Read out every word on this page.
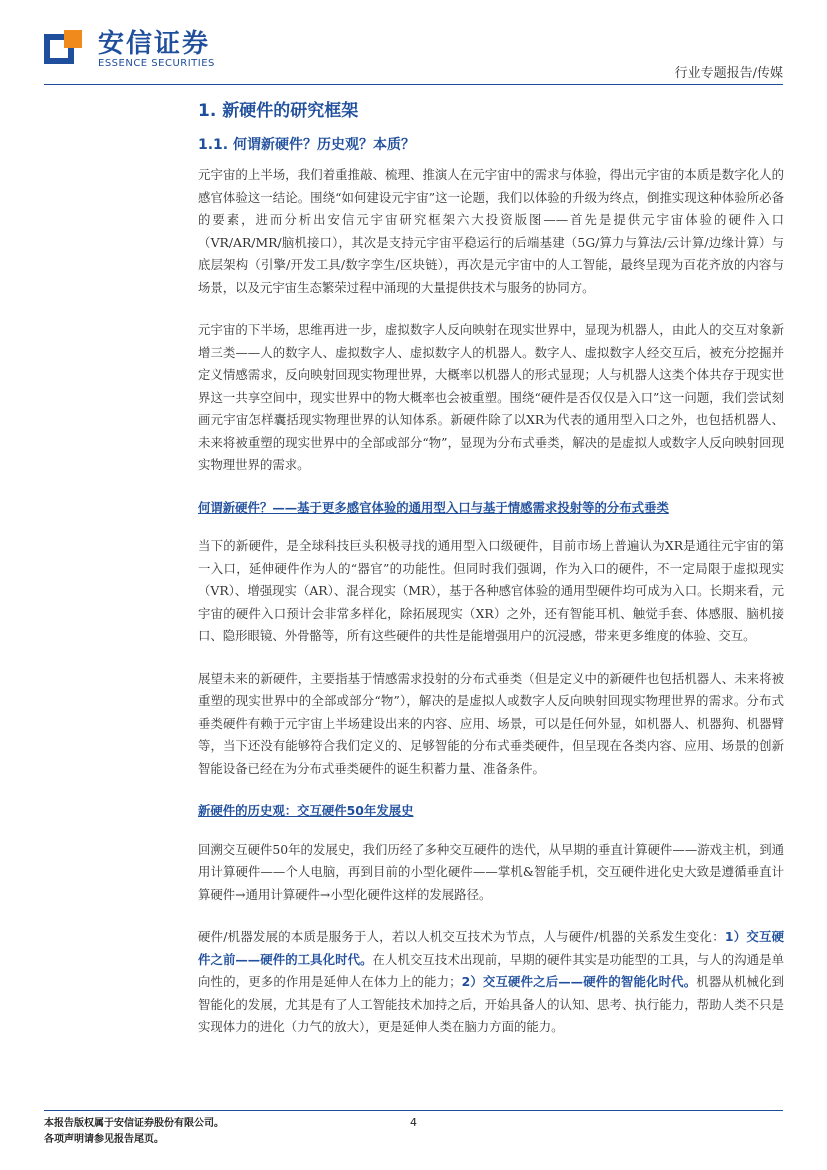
安信证券
ESSENCE SECURITIES
行业专题报告/传媒
1. 新硬件的研究框架
1.1. 何谓新硬件？历史观？本质？

元宇宙的上半场，我们着重推敲、梳理、推演人在元宇宙中的需求与体验，得出元宇宙的本质是数字化人的感官体验这一结论。围绕“如何建设元宇宙”这一论题，我们以体验的升级为终点，倒推实现这种体验所必备的要素，进而分析出安信元宇宙研究框架六大投资版图——首先是提供元宇宙体验的硬件入口（VR/AR/MR/脑机接口），其次是支持元宇宙平稳运行的后端基建（5G/算力与算法/云计算/边缘计算）与底层架构（引擎/开发工具/数字孪生/区块链），再次是元宇宙中的人工智能，最终呈现为百花齐放的内容与场景，以及元宇宙生态繁荣过程中涌现的大量提供技术与服务的协同方。

元宇宙的下半场，思维再进一步，虚拟数字人反向映射在现实世界中，显现为机器人，由此人的交互对象新增三类——人的数字人、虚拟数字人、虚拟数字人的机器人。数字人、虚拟数字人经交互后，被充分挖掘并定义情感需求，反向映射回现实物理世界，大概率以机器人的形式显现；人与机器人这类个体共存于现实世界这一共享空间中，现实世界中的物大概率也会被重塑。围绕“硬件是否仅仅是入口”这一问题，我们尝试刻画元宇宙怎样囊括现实物理世界的认知体系。新硬件除了以XR为代表的通用型入口之外，也包括机器人、未来将被重塑的现实世界中的全部或部分“物”，显现为分布式垂类，解决的是虚拟人或数字人反向映射回现实物理世界的需求。

何谓新硬件？——基于更多感官体验的通用型入口与基于情感需求投射等的分布式垂类

当下的新硬件，是全球科技巨头积极寻找的通用型入口级硬件，目前市场上普遍认为XR是通往元宇宙的第一入口，延伸硬件作为人的“器官”的功能性。但同时我们强调，作为入口的硬件，不一定局限于虚拟现实（VR）、增强现实（AR）、混合现实（MR），基于各种感官体验的通用型硬件均可成为入口。长期来看，元宇宙的硬件入口预计会非常多样化，除拓展现实（XR）之外，还有智能耳机、触觉手套、体感服、脑机接口、隐形眼镜、外骨骼等，所有这些硬件的共性是能增强用户的沉浸感，带来更多维度的体验、交互。

展望未来的新硬件，主要指基于情感需求投射的分布式垂类（但是定义中的新硬件也包括机器人、未来将被重塑的现实世界中的全部或部分“物”），解决的是虚拟人或数字人反向映射回现实物理世界的需求。分布式垂类硬件有赖于元宇宙上半场建设出来的内容、应用、场景，可以是任何外显，如机器人、机器狗、机器臂等，当下还没有能够符合我们定义的、足够智能的分布式垂类硬件，但呈现在各类内容、应用、场景的创新智能设备已经在为分布式垂类硬件的诞生积蓄力量、准备条件。

新硬件的历史观：交互硬件50年发展史

回溯交互硬件50年的发展史，我们历经了多种交互硬件的迭代，从早期的垂直计算硬件——游戏主机，到通用计算硬件——个人电脑，再到目前的小型化硬件——掌机&智能手机，交互硬件进化史大致是遵循垂直计算硬件→通用计算硬件→小型化硬件这样的发展路径。

硬件/机器发展的本质是服务于人，若以人机交互技术为节点，人与硬件/机器的关系发生变化：1）交互硬件之前——硬件的工具化时代。在人机交互技术出现前，早期的硬件其实是功能型的工具，与人的沟通是单向性的，更多的作用是延伸人在体力上的能力；2）交互硬件之后——硬件的智能化时代。机器从机械化到智能化的发展，尤其是有了人工智能技术加持之后，开始具备人的认知、思考、执行能力，帮助人类不只是实现体力的进化（力气的放大），更是延伸人类在脑力方面的能力。

本报告版权属于安信证券股份有限公司。
各项声明请参见报告尾页。
4
